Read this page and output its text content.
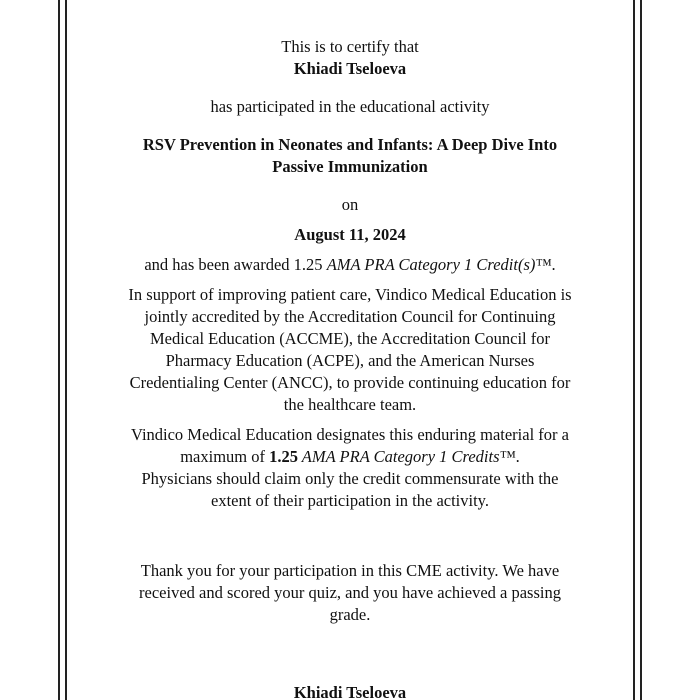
This is to certify that

Khiadi Tseloeva

has participated in the educational activity

RSV Prevention in Neonates and Infants: A Deep Dive Into

Passive Immunization

on

August 11, 2024

and has been awarded 1.25 AMA PRA Category 1 Credit(s)™.

In support of improving patient care, Vindico Medical Education is

jointly accredited by the Accreditation Council for Continuing

Medical Education (ACCME), the Accreditation Council for

Pharmacy Education (ACPE), and the American Nurses

Credentialing Center (ANCC), to provide continuing education for

the healthcare team.

Vindico Medical Education designates this enduring material for a

maximum of 1.25 AMA PRA Category 1 Credits™.

Physicians should claim only the credit commensurate with the

extent of their participation in the activity.

Thank you for your participation in this CME activity. We have

received and scored your quiz, and you have achieved a passing

grade.

Khiadi Tseloeva
